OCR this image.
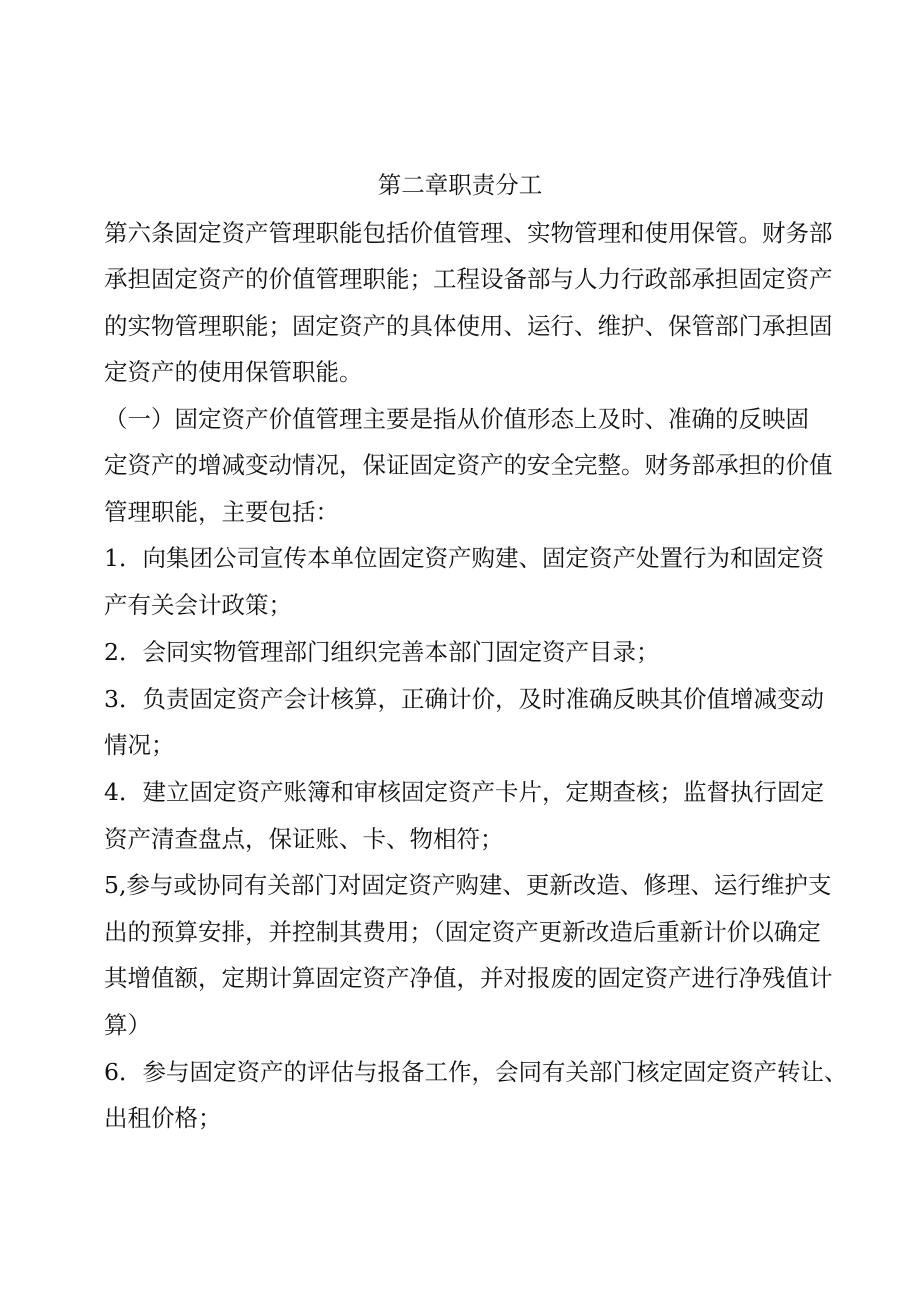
第二章职责分工
第六条固定资产管理职能包括价值管理、实物管理和使用保管。财务部
承担固定资产的价值管理职能；工程设备部与人力行政部承担固定资产
的实物管理职能；固定资产的具体使用、运行、维护、保管部门承担固
定资产的使用保管职能。
（一）固定资产价值管理主要是指从价值形态上及时、准确的反映固
定资产的增减变动情况，保证固定资产的安全完整。财务部承担的价值
管理职能，主要包括：
1．向集团公司宣传本单位固定资产购建、固定资产处置行为和固定资
产有关会计政策；
2．会同实物管理部门组织完善本部门固定资产目录；
3．负责固定资产会计核算，正确计价，及时准确反映其价值增减变动
情况；
4．建立固定资产账簿和审核固定资产卡片，定期查核；监督执行固定
资产清查盘点，保证账、卡、物相符；
5,参与或协同有关部门对固定资产购建、更新改造、修理、运行维护支
出的预算安排，并控制其费用；（固定资产更新改造后重新计价以确定
其增值额，定期计算固定资产净值，并对报废的固定资产进行净残值计
算）
6．参与固定资产的评估与报备工作，会同有关部门核定固定资产转让、
出租价格；
